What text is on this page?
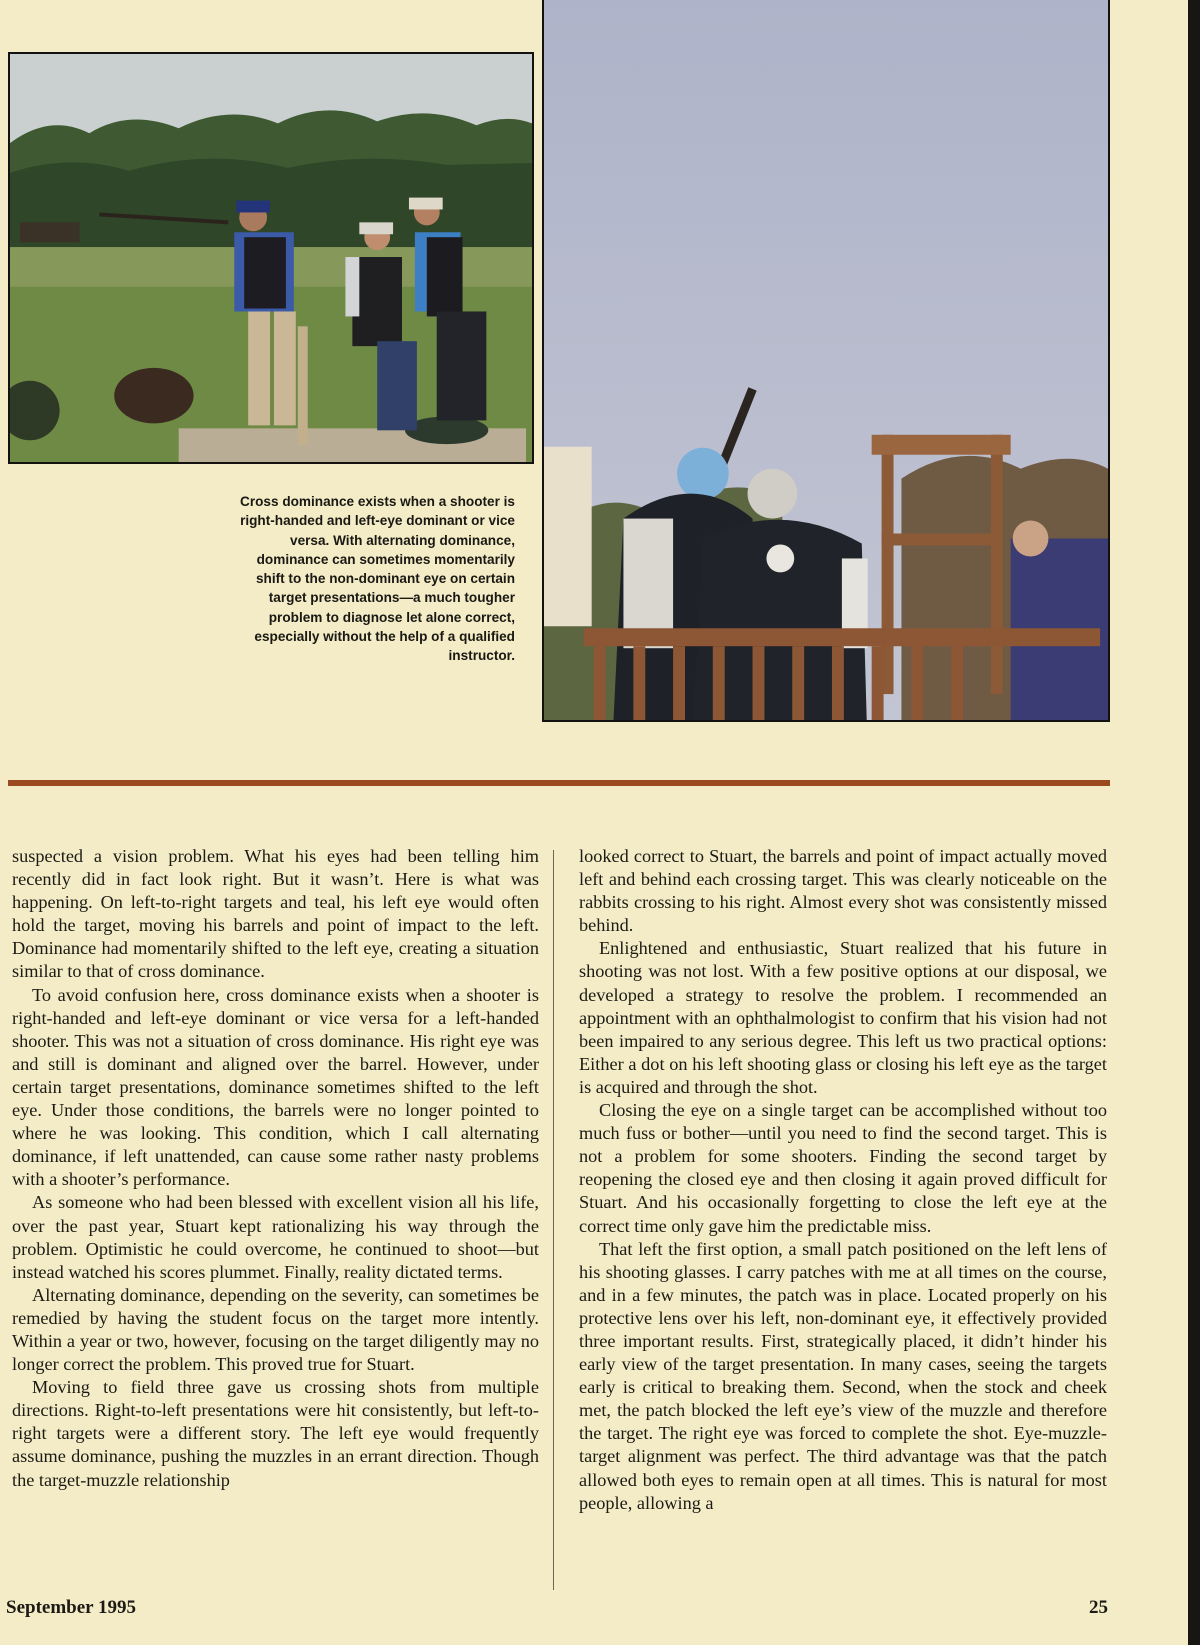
Cross dominance exists when a shooter is right-handed and left-eye dominant or vice versa. With alternating dominance, dominance can sometimes momentarily shift to the non-dominant eye on certain target presentations—a much tougher problem to diagnose let alone correct, especially without the help of a qualified instructor.

suspected a vision problem. What his eyes had been telling him recently did in fact look right. But it wasn’t. Here is what was happening. On left-to-right targets and teal, his left eye would often hold the target, moving his barrels and point of impact to the left. Dominance had momentarily shifted to the left eye, creating a situation similar to that of cross dominance.

To avoid confusion here, cross dominance exists when a shooter is right-handed and left-eye dominant or vice versa for a left-handed shooter. This was not a situation of cross dominance. His right eye was and still is dominant and aligned over the barrel. However, under certain target presentations, dominance sometimes shifted to the left eye. Under those conditions, the barrels were no longer pointed to where he was looking. This condition, which I call alternating dominance, if left unattended, can cause some rather nasty problems with a shooter’s performance.

As someone who had been blessed with excellent vision all his life, over the past year, Stuart kept rationalizing his way through the problem. Optimistic he could overcome, he continued to shoot—but instead watched his scores plummet. Finally, reality dictated terms.

Alternating dominance, depending on the severity, can sometimes be remedied by having the student focus on the target more intently. Within a year or two, however, focusing on the target diligently may no longer correct the problem. This proved true for Stuart.

Moving to field three gave us crossing shots from multiple directions. Right-to-left presentations were hit consistently, but left-to-right targets were a different story. The left eye would frequently assume dominance, pushing the muzzles in an errant direction. Though the target-muzzle relationship

looked correct to Stuart, the barrels and point of impact actually moved left and behind each crossing target. This was clearly noticeable on the rabbits crossing to his right. Almost every shot was consistently missed behind.

Enlightened and enthusiastic, Stuart realized that his future in shooting was not lost. With a few positive options at our disposal, we developed a strategy to resolve the problem. I recommended an appointment with an ophthalmologist to confirm that his vision had not been impaired to any serious degree. This left us two practical options: Either a dot on his left shooting glass or closing his left eye as the target is acquired and through the shot.

Closing the eye on a single target can be accomplished without too much fuss or bother—until you need to find the second target. This is not a problem for some shooters. Finding the second target by reopening the closed eye and then closing it again proved difficult for Stuart. And his occasionally forgetting to close the left eye at the correct time only gave him the predictable miss.

That left the first option, a small patch positioned on the left lens of his shooting glasses. I carry patches with me at all times on the course, and in a few minutes, the patch was in place. Located properly on his protective lens over his left, non-dominant eye, it effectively provided three important results. First, strategically placed, it didn’t hinder his early view of the target presentation. In many cases, seeing the targets early is critical to breaking them. Second, when the stock and cheek met, the patch blocked the left eye’s view of the muzzle and therefore the target. The right eye was forced to complete the shot. Eye-muzzle-target alignment was perfect. The third advantage was that the patch allowed both eyes to remain open at all times. This is natural for most people, allowing a

September 1995	25
